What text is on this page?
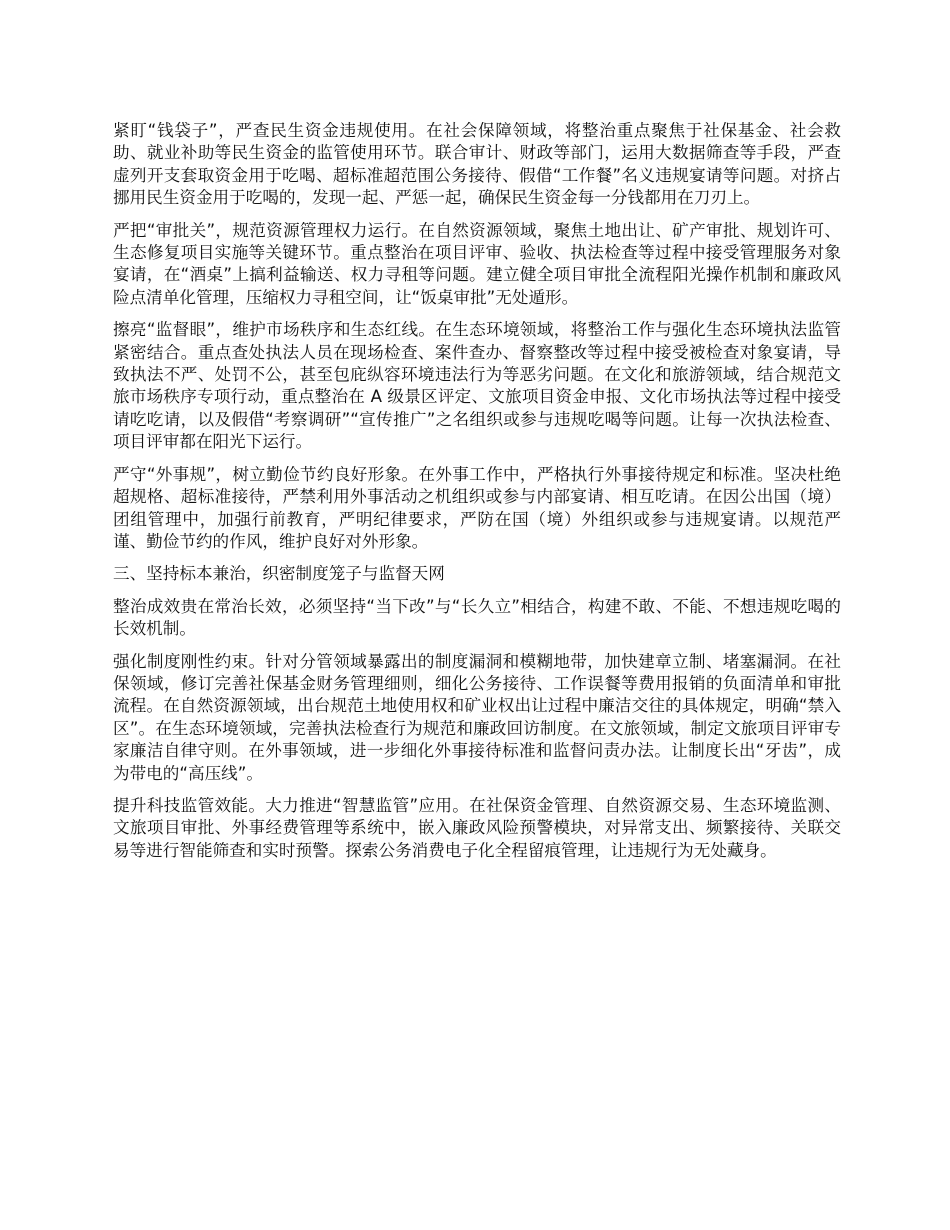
紧盯“钱袋子”，严查民生资金违规使用。在社会保障领域，将整治重点聚焦于社保基金、社会救助、就业补助等民生资金的监管使用环节。联合审计、财政等部门，运用大数据筛查等手段，严查虚列开支套取资金用于吃喝、超标准超范围公务接待、假借“工作餐”名义违规宴请等问题。对挤占挪用民生资金用于吃喝的，发现一起、严惩一起，确保民生资金每一分钱都用在刀刃上。

严把“审批关”，规范资源管理权力运行。在自然资源领域，聚焦土地出让、矿产审批、规划许可、生态修复项目实施等关键环节。重点整治在项目评审、验收、执法检查等过程中接受管理服务对象宴请，在“酒桌”上搞利益输送、权力寻租等问题。建立健全项目审批全流程阳光操作机制和廉政风险点清单化管理，压缩权力寻租空间，让“饭桌审批”无处遁形。

擦亮“监督眼”，维护市场秩序和生态红线。在生态环境领域，将整治工作与强化生态环境执法监管紧密结合。重点查处执法人员在现场检查、案件查办、督察整改等过程中接受被检查对象宴请，导致执法不严、处罚不公，甚至包庇纵容环境违法行为等恶劣问题。在文化和旅游领域，结合规范文旅市场秩序专项行动，重点整治在 A 级景区评定、文旅项目资金申报、文化市场执法等过程中接受请吃吃请，以及假借“考察调研”“宣传推广”之名组织或参与违规吃喝等问题。让每一次执法检查、项目评审都在阳光下运行。

严守“外事规”，树立勤俭节约良好形象。在外事工作中，严格执行外事接待规定和标准。坚决杜绝超规格、超标准接待，严禁利用外事活动之机组织或参与内部宴请、相互吃请。在因公出国（境）团组管理中，加强行前教育，严明纪律要求，严防在国（境）外组织或参与违规宴请。以规范严谨、勤俭节约的作风，维护良好对外形象。

三、坚持标本兼治，织密制度笼子与监督天网

整治成效贵在常治长效，必须坚持“当下改”与“长久立”相结合，构建不敢、不能、不想违规吃喝的长效机制。

强化制度刚性约束。针对分管领域暴露出的制度漏洞和模糊地带，加快建章立制、堵塞漏洞。在社保领域，修订完善社保基金财务管理细则，细化公务接待、工作误餐等费用报销的负面清单和审批流程。在自然资源领域，出台规范土地使用权和矿业权出让过程中廉洁交往的具体规定，明确“禁入区”。在生态环境领域，完善执法检查行为规范和廉政回访制度。在文旅领域，制定文旅项目评审专家廉洁自律守则。在外事领域，进一步细化外事接待标准和监督问责办法。让制度长出“牙齿”，成为带电的“高压线”。

提升科技监管效能。大力推进“智慧监管”应用。在社保资金管理、自然资源交易、生态环境监测、文旅项目审批、外事经费管理等系统中，嵌入廉政风险预警模块，对异常支出、频繁接待、关联交易等进行智能筛查和实时预警。探索公务消费电子化全程留痕管理，让违规行为无处藏身。
